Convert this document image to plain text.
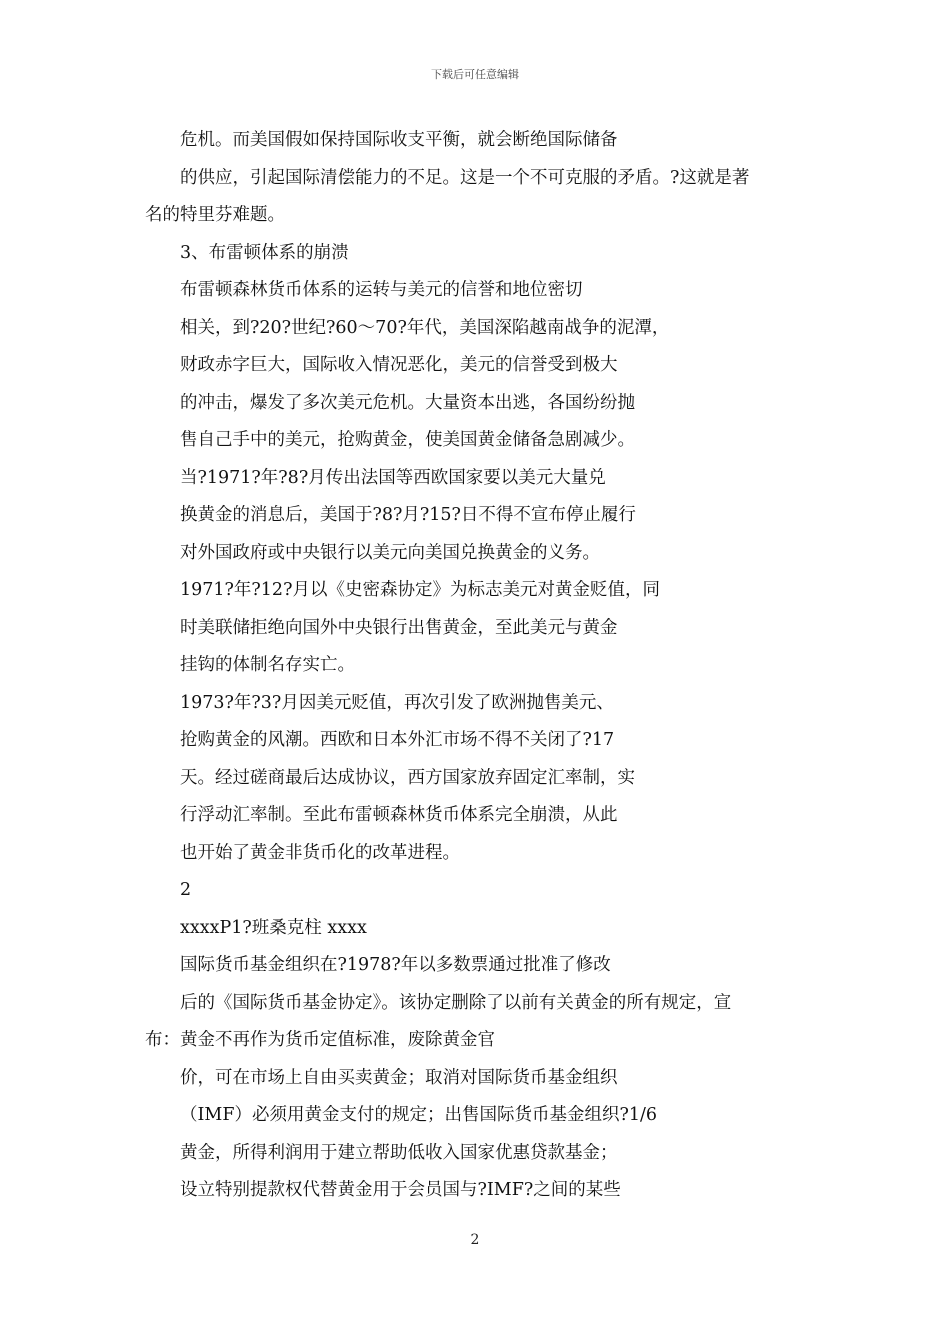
下载后可任意编辑
危机。而美国假如保持国际收支平衡，就会断绝国际储备
的供应，引起国际清偿能力的不足。这是一个不可克服的矛盾。?这就是著
名的特里芬难题。
3、布雷顿体系的崩溃
布雷顿森林货币体系的运转与美元的信誉和地位密切
相关，到?20?世纪?60～70?年代，美国深陷越南战争的泥潭，
财政赤字巨大，国际收入情况恶化，美元的信誉受到极大
的冲击，爆发了多次美元危机。大量资本出逃，各国纷纷抛
售自己手中的美元，抢购黄金，使美国黄金储备急剧减少。
当?1971?年?8?月传出法国等西欧国家要以美元大量兑
换黄金的消息后，美国于?8?月?15?日不得不宣布停止履行
对外国政府或中央银行以美元向美国兑换黄金的义务。
1971?年?12?月以《史密森协定》为标志美元对黄金贬值，同
时美联储拒绝向国外中央银行出售黄金，至此美元与黄金
挂钩的体制名存实亡。
1973?年?3?月因美元贬值，再次引发了欧洲抛售美元、
抢购黄金的风潮。西欧和日本外汇市场不得不关闭了?17
天。经过磋商最后达成协议，西方国家放弃固定汇率制，实
行浮动汇率制。至此布雷顿森林货币体系完全崩溃，从此
也开始了黄金非货币化的改革进程。
2
xxxxP1?班桑克柱 xxxx
国际货币基金组织在?1978?年以多数票通过批准了修改
后的《国际货币基金协定》。该协定删除了以前有关黄金的所有规定，宣
布：黄金不再作为货币定值标准，废除黄金官
价，可在市场上自由买卖黄金；取消对国际货币基金组织
（IMF）必须用黄金支付的规定；出售国际货币基金组织?1/6
黄金，所得利润用于建立帮助低收入国家优惠贷款基金；
设立特别提款权代替黄金用于会员国与?IMF?之间的某些
2
